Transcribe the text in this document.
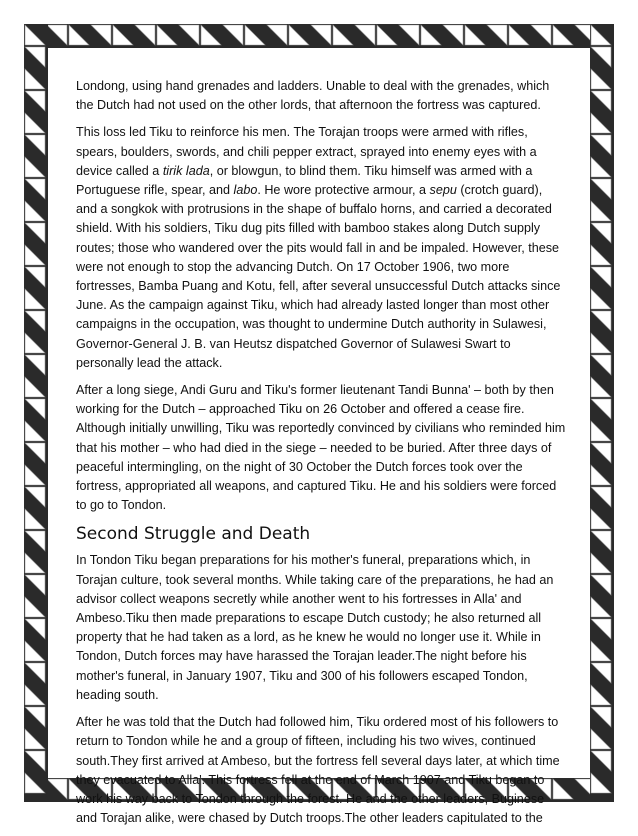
Londong, using hand grenades and ladders. Unable to deal with the grenades, which the Dutch had not used on the other lords, that afternoon the fortress was captured.

This loss led Tiku to reinforce his men. The Torajan troops were armed with rifles, spears, boulders, swords, and chili pepper extract, sprayed into enemy eyes with a device called a tirik lada, or blowgun, to blind them. Tiku himself was armed with a Portuguese rifle, spear, and labo. He wore protective armour, a sepu (crotch guard), and a songkok with protrusions in the shape of buffalo horns, and carried a decorated shield. With his soldiers, Tiku dug pits filled with bamboo stakes along Dutch supply routes; those who wandered over the pits would fall in and be impaled. However, these were not enough to stop the advancing Dutch. On 17 October 1906, two more fortresses, Bamba Puang and Kotu, fell, after several unsuccessful Dutch attacks since June. As the campaign against Tiku, which had already lasted longer than most other campaigns in the occupation, was thought to undermine Dutch authority in Sulawesi, Governor-General J. B. van Heutsz dispatched Governor of Sulawesi Swart to personally lead the attack.

After a long siege, Andi Guru and Tiku's former lieutenant Tandi Bunna' – both by then working for the Dutch – approached Tiku on 26 October and offered a cease fire. Although initially unwilling, Tiku was reportedly convinced by civilians who reminded him that his mother – who had died in the siege – needed to be buried. After three days of peaceful intermingling, on the night of 30 October the Dutch forces took over the fortress, appropriated all weapons, and captured Tiku. He and his soldiers were forced to go to Tondon.

Second Struggle and Death

In Tondon Tiku began preparations for his mother's funeral, preparations which, in Torajan culture, took several months. While taking care of the preparations, he had an advisor collect weapons secretly while another went to his fortresses in Alla' and Ambeso.Tiku then made preparations to escape Dutch custody; he also returned all property that he had taken as a lord, as he knew he would no longer use it. While in Tondon, Dutch forces may have harassed the Torajan leader.The night before his mother's funeral, in January 1907, Tiku and 300 of his followers escaped Tondon, heading south.

After he was told that the Dutch had followed him, Tiku ordered most of his followers to return to Tondon while he and a group of fifteen, including his two wives, continued south.They first arrived at Ambeso, but the fortress fell several days later, at which time they evacuated to Alla'. This fortress fell at the end of March 1907 and Tiku began to work his way back to Tondon through the forest. He and the other leaders, Buginese and Torajan alike, were chased by Dutch troops.The other leaders capitulated to the
